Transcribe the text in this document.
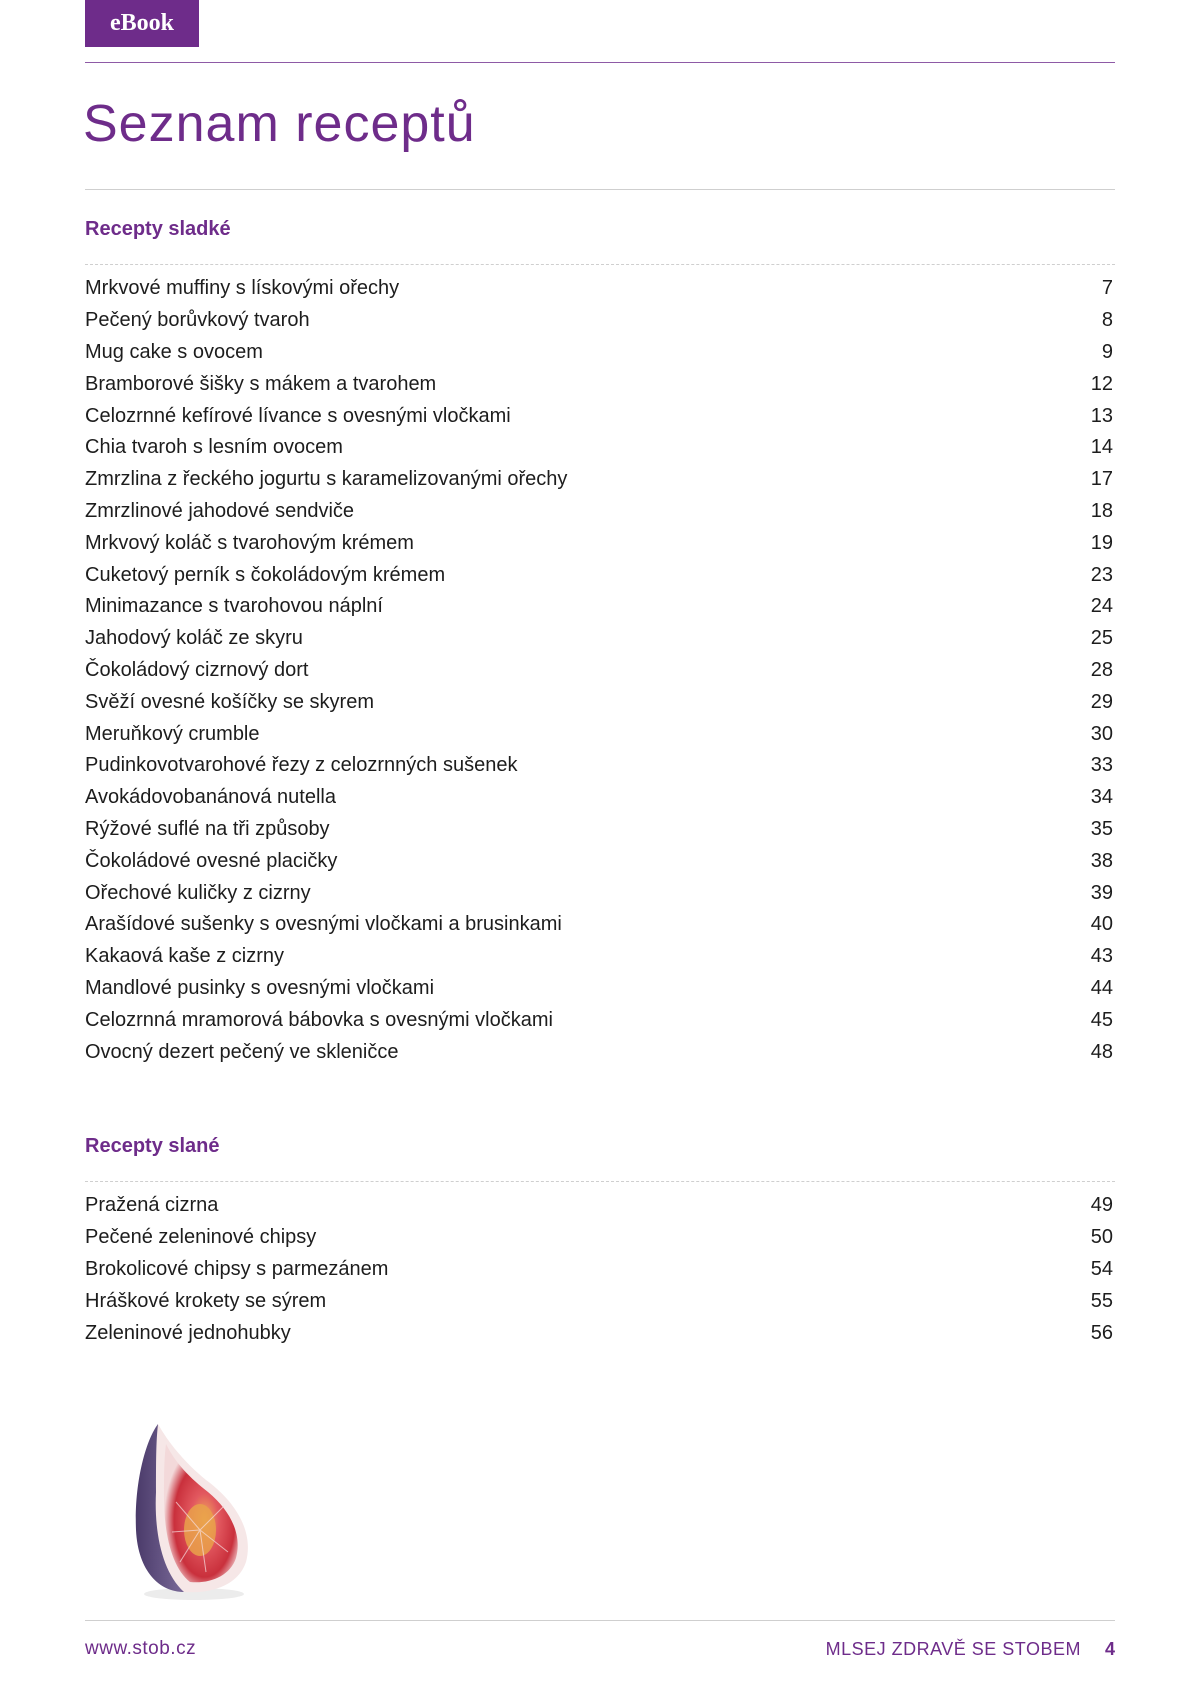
eBook
Seznam receptů
Recepty sladké
Mrkvové muffiny s lískovými ořechy	7
Pečený borůvkový tvaroh	8
Mug cake s ovocem	9
Bramborové šišky s mákem a tvarohem	12
Celozrnné kefírové lívance s ovesnými vločkami	13
Chia tvaroh s lesním ovocem	14
Zmrzlina z řeckého jogurtu s karamelizovanými ořechy	17
Zmrzlinové jahodové sendviče	18
Mrkvový koláč s tvarohovým krémem	19
Cuketový perník s čokoládovým krémem	23
Minimazance s tvarohovou náplní	24
Jahodový koláč ze skyru	25
Čokoládový cizrnový dort	28
Svěží ovesné košíčky se skyrem	29
Meruňkový crumble	30
Pudinkovotvarohové řezy z celozrnných sušenek	33
Avokádovobanánová nutella	34
Rýžové suflé na tři způsoby	35
Čokoládové ovesné placičky	38
Ořechové kuličky z cizrny	39
Arašídové sušenky s ovesnými vločkami a brusinkami	40
Kakaová kaše z cizrny	43
Mandlové pusinky s ovesnými vločkami	44
Celozrnná mramorová bábovka s ovesnými vločkami	45
Ovocný dezert pečený ve skleničce	48
Recepty slané
Pražená cizrna	49
Pečené zeleninové chipsy	50
Brokolicové chipsy s parmezánem	54
Hráškové krokety se sýrem	55
Zeleninové jednohubky	56
www.stob.cz	MLSEJ ZDRAVĚ SE STOBEM 4
